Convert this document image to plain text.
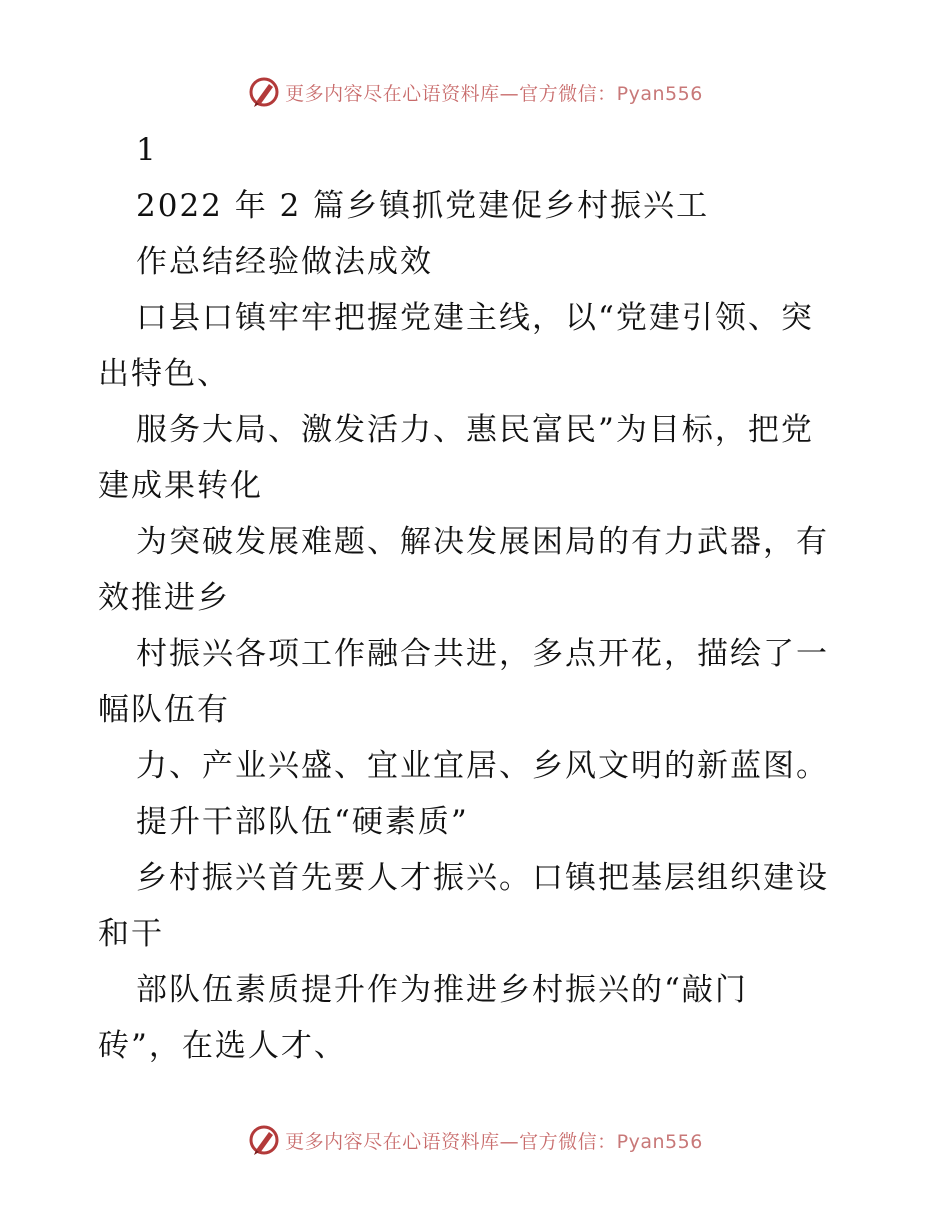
更多内容尽在心语资料库—官方微信：Pyan556
1
2022 年 2 篇乡镇抓党建促乡村振兴工
作总结经验做法成效
口县口镇牢牢把握党建主线，以“党建引领、突
出特色、
服务大局、激发活力、惠民富民”为目标，把党
建成果转化
为突破发展难题、解决发展困局的有力武器，有
效推进乡
村振兴各项工作融合共进，多点开花，描绘了一
幅队伍有
力、产业兴盛、宜业宜居、乡风文明的新蓝图。
提升干部队伍“硬素质”
乡村振兴首先要人才振兴。口镇把基层组织建设
和干
部队伍素质提升作为推进乡村振兴的“敲门
砖”，在选人才、
更多内容尽在心语资料库—官方微信：Pyan556
